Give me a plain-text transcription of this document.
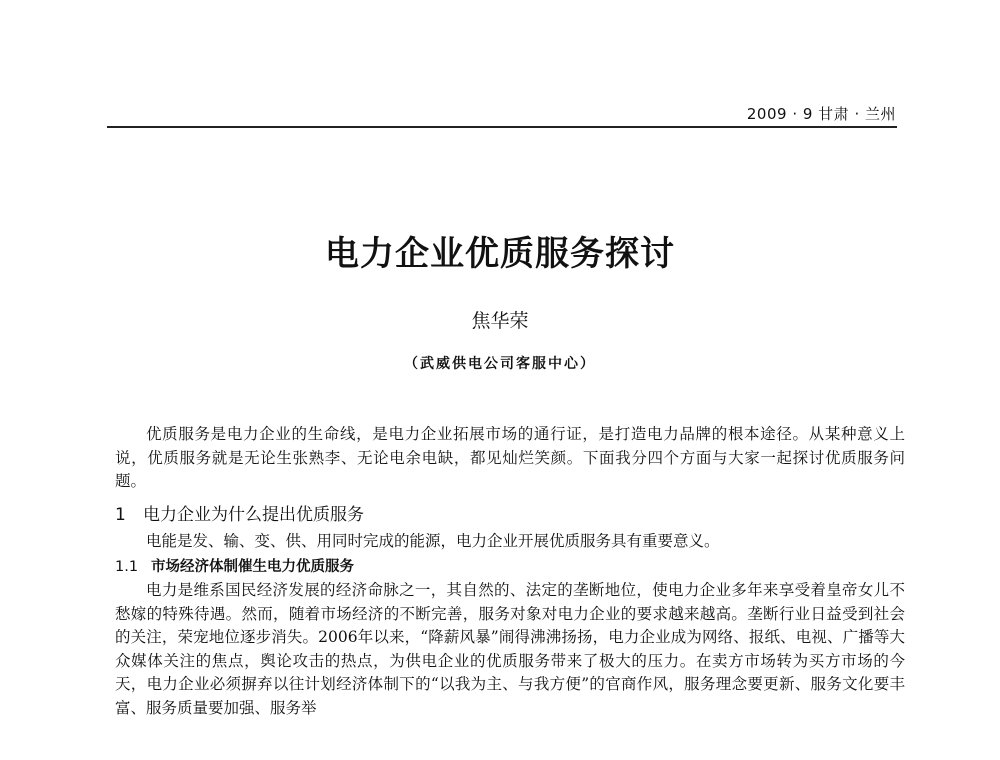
2009 · 9 甘肃 · 兰州
电力企业优质服务探讨
焦华荣
（武威供电公司客服中心）

优质服务是电力企业的生命线，是电力企业拓展市场的通行证，是打造电力品牌的根本途径。从某种意义上说，优质服务就是无论生张熟李、无论电余电缺，都见灿烂笑颜。下面我分四个方面与大家一起探讨优质服务问题。

1 电力企业为什么提出优质服务

电能是发、输、变、供、用同时完成的能源，电力企业开展优质服务具有重要意义。

1.1 市场经济体制催生电力优质服务

电力是维系国民经济发展的经济命脉之一，其自然的、法定的垄断地位，使电力企业多年来享受着皇帝女儿不愁嫁的特殊待遇。然而，随着市场经济的不断完善，服务对象对电力企业的要求越来越高。垄断行业日益受到社会的关注，荣宠地位逐步消失。2006年以来，“降薪风暴”闹得沸沸扬扬，电力企业成为网络、报纸、电视、广播等大众媒体关注的焦点，舆论攻击的热点，为供电企业的优质服务带来了极大的压力。在卖方市场转为买方市场的今天，电力企业必须摒弃以往计划经济体制下的“以我为主、与我方便”的官商作风，服务理念要更新、服务文化要丰富、服务质量要加强、服务举
